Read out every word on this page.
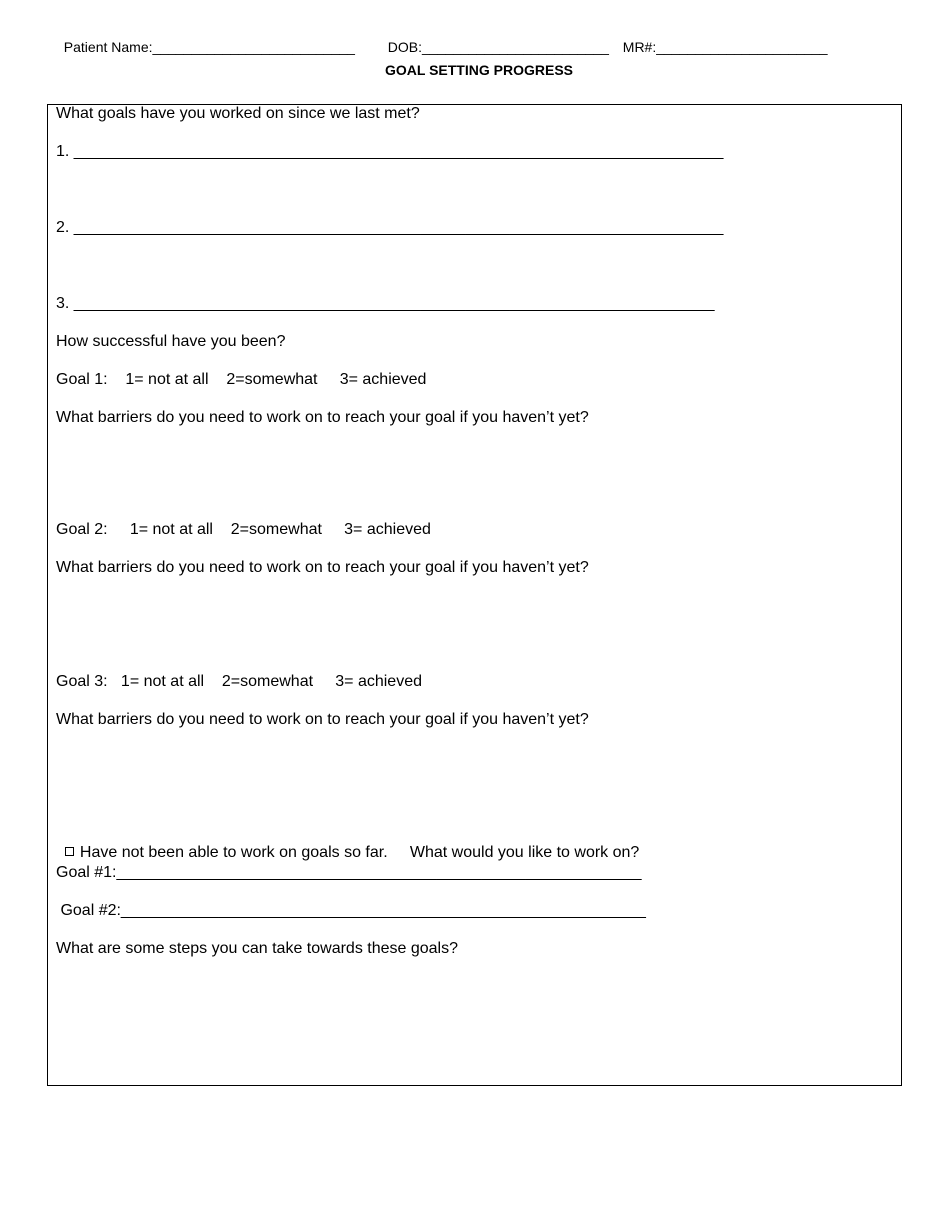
Patient Name:__________________________	DOB:________________________ MR#:______________________

GOAL SETTING PROGRESS
What goals have you worked on since we last met?
1. _________________________________________________________________________
2. _________________________________________________________________________
3. ________________________________________________________________________
How successful have you been?
Goal 1:    1= not at all    2=somewhat     3= achieved
What barriers do you need to work on to reach your goal if you haven’t yet?
Goal 2:     1= not at all    2=somewhat     3= achieved
What barriers do you need to work on to reach your goal if you haven’t yet?
Goal 3:   1= not at all    2=somewhat     3= achieved
What barriers do you need to work on to reach your goal if you haven’t yet?

Have not been able to work on goals so far.     What would you like to work on?

Goal #1:___________________________________________________________
Goal #2:___________________________________________________________
What are some steps you can take towards these goals?
